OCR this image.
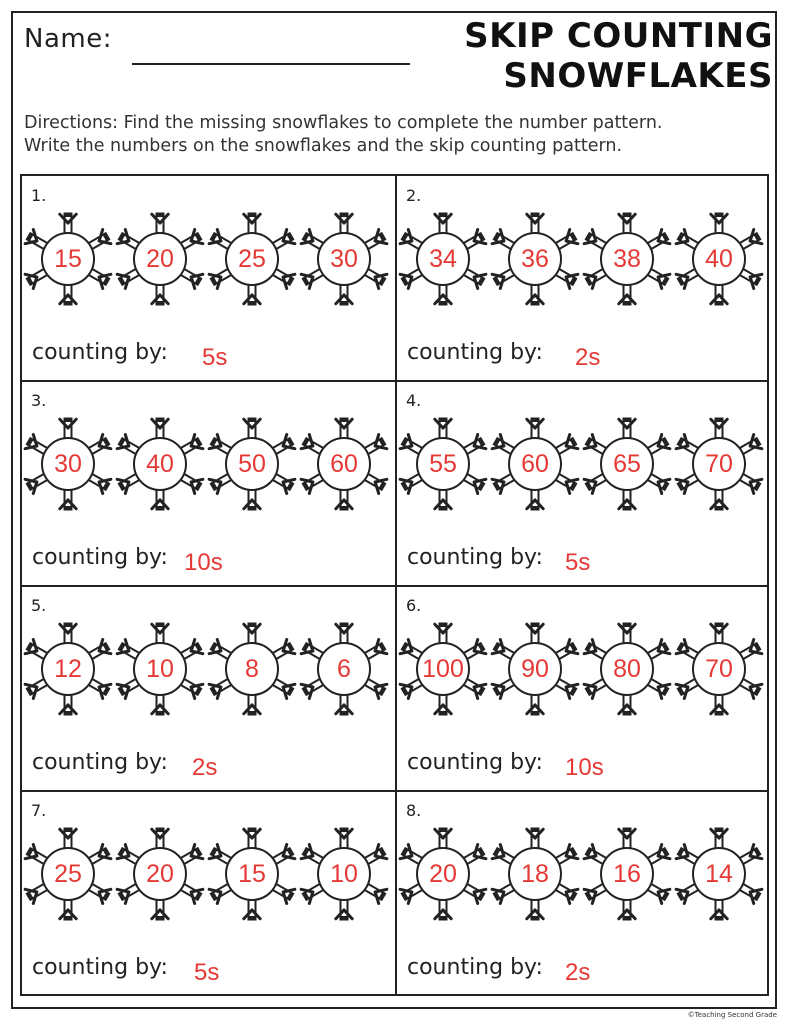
Name:	SKIP COUNTING
SNOWFLAKES
Directions: Find the missing snowflakes to complete the number pattern.
Write the numbers on the snowflakes and the skip counting pattern.
1.
15	20	25	30
counting by: 5s
2.
34	36	38	40
counting by: 2s
3.
30	40	50	60
counting by: 10s
4.
55	60	65	70
counting by: 5s
5.
12	10	8	6
counting by: 2s
6.
100 90	80	70
counting by: 10s
7.
25	20	15	10
counting by: 5s
8.
20	18	16	14
counting by: 2s
©Teaching Second Grade
